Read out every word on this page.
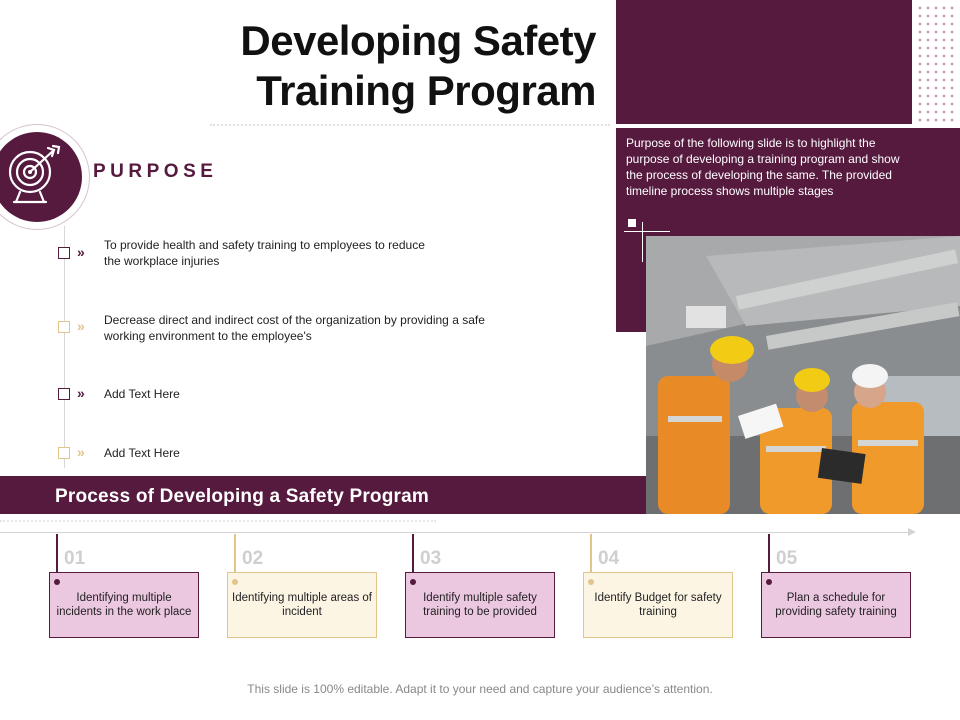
Developing Safety Training Program
Purpose of the following slide is to highlight the purpose of developing a training program and show the process of developing the same. The provided timeline process shows multiple stages
PURPOSE
» To provide health and safety training to employees to reduce the workplace injuries
» Decrease direct and indirect cost of the organization by providing a safe working environment to the employee's
» Add Text Here
» Add Text Here
Process of Developing a Safety Program
01
Identifying multiple incidents in the work place
02
Identifying multiple areas of incident
03
Identify multiple safety training to be provided
04
Identify Budget for safety training
05
Plan a schedule for providing safety training
This slide is 100% editable. Adapt it to your need and capture your audience’s attention.
